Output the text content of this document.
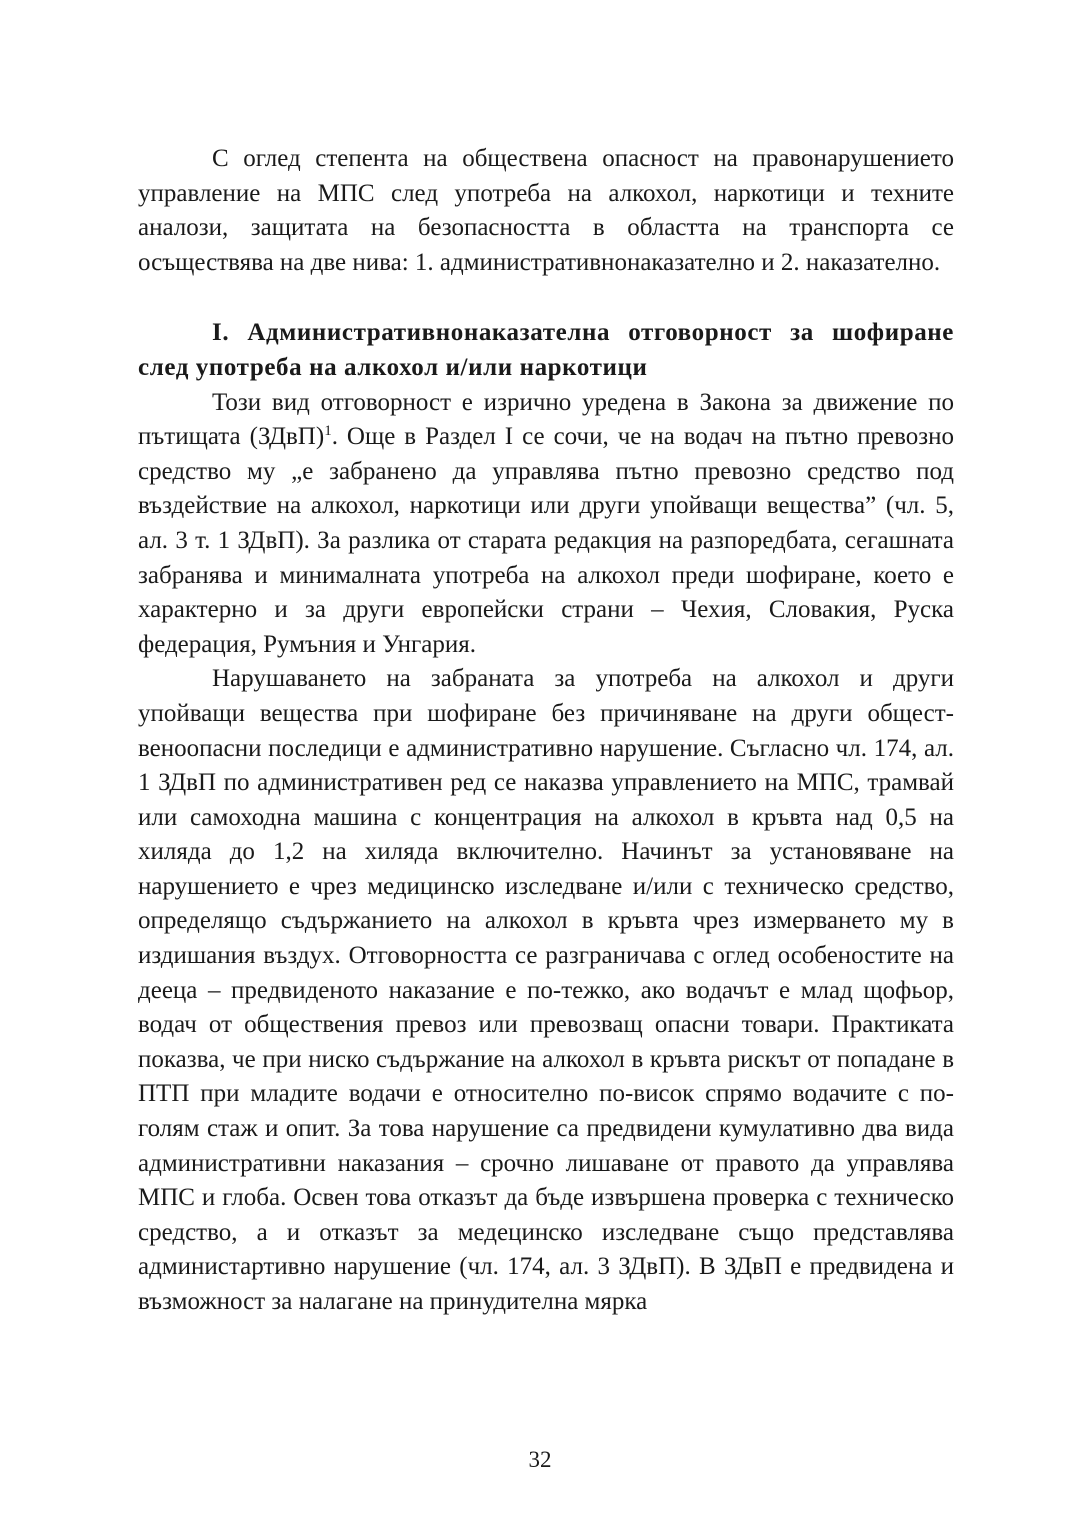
С оглед степента на обществена опасност на правонарушението управление на МПС след употреба на алкохол, наркотици и техните аналози, защитата на безопасността в областта на транспорта се осъществява на две нива: 1. административнонаказателно и 2. наказателно.

I. Административнонаказателна отговорност за шофиране след употреба на алкохол и/или наркотици

Този вид отговорност е изрично уредена в Закона за движение по пътищата (ЗДвП)$^1$. Още в Раздел I се сочи, че на водач на пътно превозно средство му „е забранено да управлява пътно превозно средство под въздействие на алкохол, наркотици или други упойващи вещества” (чл. 5, ал. 3 т. 1 ЗДвП). За разлика от старата редакция на разпоредбата, сегашната забранява и минималната употреба на алкохол преди шофиране, което е характерно и за други европейски страни – Чехия, Словакия, Руска федерация, Румъния и Унгария.

Нарушаването на забраната за употреба на алкохол и други упойващи вещества при шофиране без причиняване на други общественоопасни последици е административно нарушение. Съгласно чл. 174, ал. 1 ЗДвП по административен ред се наказва управлението на МПС, трамвай или самоходна машина с концентрация на алкохол в кръвта над 0,5 на хиляда до 1,2 на хиляда включително. Начинът за установяване на нарушението е чрез медицинско изследване и/или с техническо средство, определящо съдържанието на алкохол в кръвта чрез измерването му в издишания въздух. Отговорността се разграничава с оглед особеностите на дееца – предвиденото наказание е по-тежко, ако водачът е млад щофьор, водач от обществения превоз или превозващ опасни товари. Практиката показва, че при ниско съдържание на алкохол в кръвта рискът от попадане в ПТП при младите водачи е относително по-висок спрямо водачите с по-голям стаж и опит. За това нарушение са предвидени кумулативно два вида административни наказания – срочно лишаване от правото да управлява МПС и глоба. Освен това отказът да бъде извършена проверка с техническо средство, а и отказът за медецинско изследване също представлява администартивно нарушение (чл. 174, ал. 3 ЗДвП). В ЗДвП е предвидена и възможност за налагане на принудителна мярка

32
